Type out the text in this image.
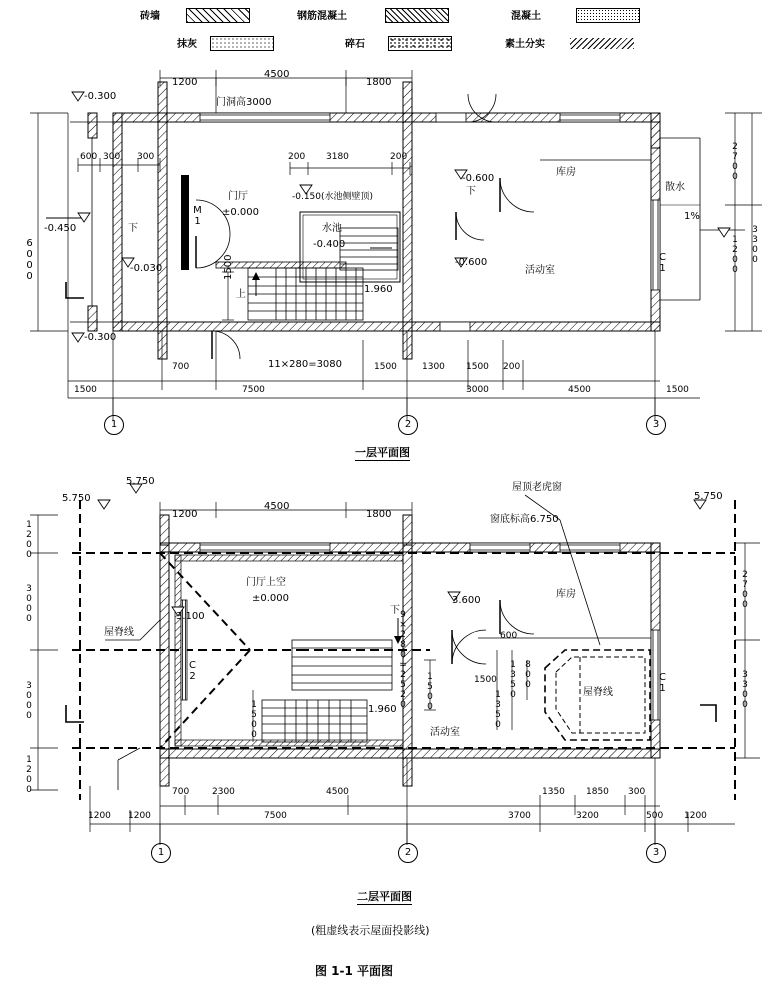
砖墙	钢筋混凝土	混凝土
抹灰	碎石	素土分实
-0.300
-0.300
-0.450
-0.030
-0.150(水池侧壁顶)
-0.600
-0.600
-0.400
1.960
门厅
±0.000
水池
库房
活动室
散水
门洞高3000
M1
下
下
上
1%
C1
11×280=3080
1500
1200
4500
1800
600 300 300	200 3180	200
700	1500	1300 1500 200
1500	7500	3000	4500	1500
6000
2700
1200 3300
1	2	3
一层平面图
5.750
5.750
5.750
3.100
3.600
1.960
门厅上空
±0.000	库房
活动室
屋脊线
屋脊线
屋顶老虎窗
窗底标高6.750
C2
C1
下
9×280=2520
1200
4500
1800
1200
3000
3000
1200
2700
3300
1500
1500	1350
1350 800
600
1500
700	2300	4500	1350 1850 300
1200 1200	7500	3700	3200	500 1200
1	2	3
二层平面图
(粗虚线表示屋面投影线)
图 1-1 平面图
